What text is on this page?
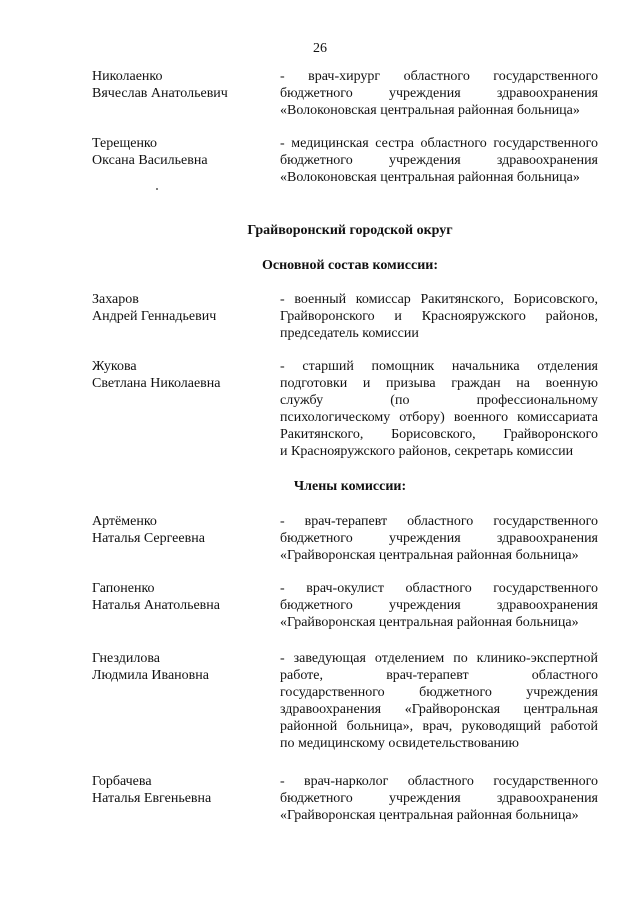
26
Николаенко
Вячеслав Анатольевич
- врач-хирург областного государственного
бюджетного учреждения здравоохранения
«Волоконовская центральная районная больница»
Терещенко
Оксана Васильевна
- медицинская сестра областного государственного
бюджетного учреждения здравоохранения
«Волоконовская центральная районная больница»
Грайворонский городской округ
Основной состав комиссии:
Захаров
Андрей Геннадьевич
- военный комиссар Ракитянского, Борисовского,
Грайворонского и Краснояружского районов,
председатель комиссии
Жукова
Светлана Николаевна
- старший помощник начальника отделения
подготовки и призыва граждан на военную
службу (по профессиональному
психологическому отбору) военного комиссариата
Ракитянского, Борисовского, Грайворонского
и Краснояружского районов, секретарь комиссии
Члены комиссии:
Артёменко
Наталья Сергеевна
- врач-терапевт областного государственного
бюджетного учреждения здравоохранения
«Грайворонская центральная районная больница»
Гапоненко
Наталья Анатольевна
- врач-окулист областного государственного
бюджетного учреждения здравоохранения
«Грайворонская центральная районная больница»
Гнездилова
Людмила Ивановна
- заведующая отделением по клинико-экспертной
работе, врач-терапевт областного
государственного бюджетного учреждения
здравоохранения «Грайворонская центральная
районной больница», врач, руководящий работой
по медицинскому освидетельствованию
Горбачева
Наталья Евгеньевна
- врач-нарколог областного государственного
бюджетного учреждения здравоохранения
«Грайворонская центральная районная больница»
